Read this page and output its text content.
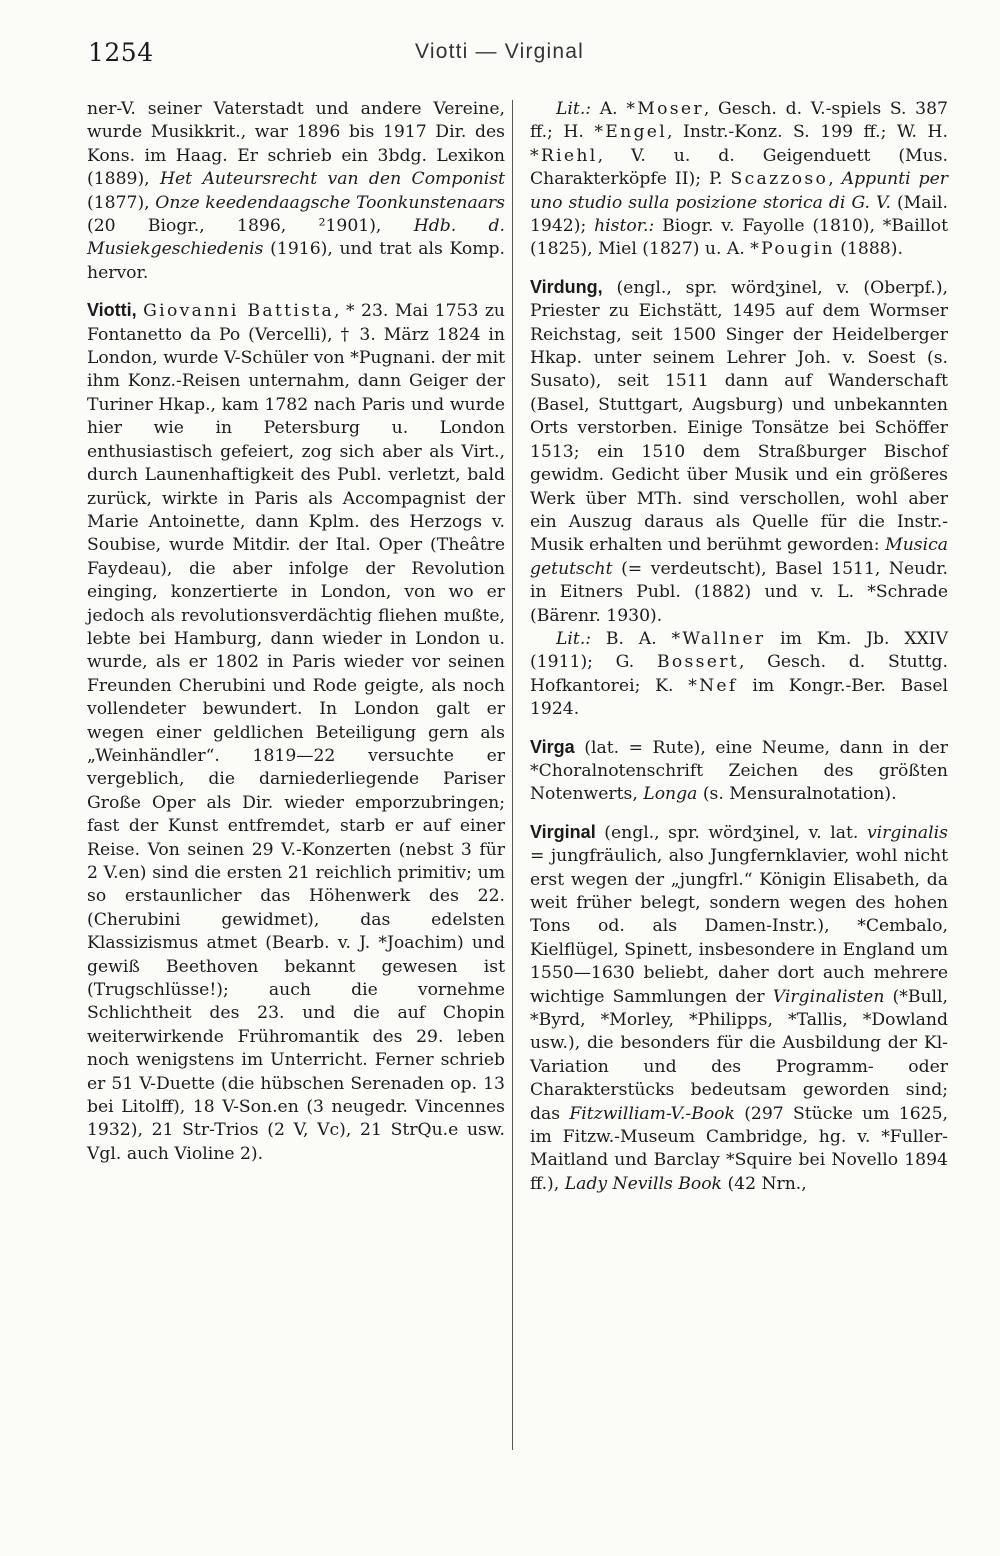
1254	Viotti — Virginal

ner-V. seiner Vaterstadt und andere Vereine, wurde Musikkrit., war 1896 bis 1917 Dir. des Kons. im Haag. Er schrieb ein 3bdg. Lexikon (1889), Het Auteursrecht van den Componist (1877), Onze keedendaagsche Toonkunstenaars (20 Biogr., 1896, ²1901), Hdb. d. Musiekgeschiedenis (1916), und trat als Komp. hervor.

Viotti, Giovanni Battista, * 23. Mai 1753 zu Fontanetto da Po (Vercelli), † 3. März 1824 in London, wurde V-Schüler von *Pugnani. der mit ihm Konz.-Reisen unternahm, dann Geiger der Turiner Hkap., kam 1782 nach Paris und wurde hier wie in Petersburg u. London enthusiastisch gefeiert, zog sich aber als Virt., durch Launenhaftigkeit des Publ. verletzt, bald zurück, wirkte in Paris als Accompagnist der Marie Antoinette, dann Kplm. des Herzogs v. Soubise, wurde Mitdir. der Ital. Oper (Theâtre Faydeau), die aber infolge der Revolution einging, konzertierte in London, von wo er jedoch als revolutionsverdächtig fliehen mußte, lebte bei Hamburg, dann wieder in London u. wurde, als er 1802 in Paris wieder vor seinen Freunden Cherubini und Rode geigte, als noch vollendeter bewundert. In London galt er wegen einer geldlichen Beteiligung gern als „Weinhändler“. 1819—22 versuchte er vergeblich, die darniederliegende Pariser Große Oper als Dir. wieder emporzubringen; fast der Kunst entfremdet, starb er auf einer Reise. Von seinen 29 V.-Konzerten (nebst 3 für 2 V.en) sind die ersten 21 reichlich primitiv; um so erstaunlicher das Höhenwerk des 22. (Cherubini gewidmet), das edelsten Klassizismus atmet (Bearb. v. J. *Joachim) und gewiß Beethoven bekannt gewesen ist (Trugschlüsse!); auch die vornehme Schlichtheit des 23. und die auf Chopin weiterwirkende Frühromantik des 29. leben noch wenigstens im Unterricht. Ferner schrieb er 51 V-Duette (die hübschen Serenaden op. 13 bei Litolff), 18 V-Son.en (3 neugedr. Vincennes 1932), 21 Str-Trios (2 V, Vc), 21 StrQu.e usw. Vgl. auch Violine 2).

Lit.: A. *Moser, Gesch. d. V.-spiels S. 387 ff.; H. *Engel, Instr.-Konz. S. 199 ff.; W. H. *Riehl, V. u. d. Geigenduett (Mus. Charakterköpfe II); P. Scazzoso, Appunti per uno studio sulla posizione storica di G. V. (Mail. 1942); histor.: Biogr. v. Fayolle (1810), *Baillot (1825), Miel (1827) u. A. *Pougin (1888).

Virdung, (engl., spr. wördʒinel, v. (Oberpf.), Priester zu Eichstätt, 1495 auf dem Wormser Reichstag, seit 1500 Singer der Heidelberger Hkap. unter seinem Lehrer Joh. v. Soest (s. Susato), seit 1511 dann auf Wanderschaft (Basel, Stuttgart, Augsburg) und unbekannten Orts verstorben. Einige Tonsätze bei Schöffer 1513; ein 1510 dem Straßburger Bischof gewidm. Gedicht über Musik und ein größeres Werk über MTh. sind verschollen, wohl aber ein Auszug daraus als Quelle für die Instr.-Musik erhalten und berühmt geworden: Musica getutscht (= verdeutscht), Basel 1511, Neudr. in Eitners Publ. (1882) und v. L. *Schrade (Bärenr. 1930).

Lit.: B. A. *Wallner im Km. Jb. XXIV (1911); G. Bossert, Gesch. d. Stuttg. Hofkantorei; K. *Nef im Kongr.-Ber. Basel 1924.

Virga (lat. = Rute), eine Neume, dann in der *Choralnotenschrift Zeichen des größten Notenwerts, Longa (s. Mensuralnotation).

Virginal (engl., spr. wördʒinel, v. lat. virginalis = jungfräulich, also Jungfernklavier, wohl nicht erst wegen der „jungfrl.“ Königin Elisabeth, da weit früher belegt, sondern wegen des hohen Tons od. als Damen-Instr.), *Cembalo, Kielflügel, Spinett, insbesondere in England um 1550—1630 beliebt, daher dort auch mehrere wichtige Sammlungen der Virginalisten (*Bull, *Byrd, *Morley, *Philipps, *Tallis, *Dowland usw.), die besonders für die Ausbildung der Kl-Variation und des Programm- oder Charakterstücks bedeutsam geworden sind; das Fitzwilliam-V.-Book (297 Stücke um 1625, im Fitzw.-Museum Cambridge, hg. v. *Fuller-Maitland und Barclay *Squire bei Novello 1894 ff.), Lady Nevills Book (42 Nrn.,
